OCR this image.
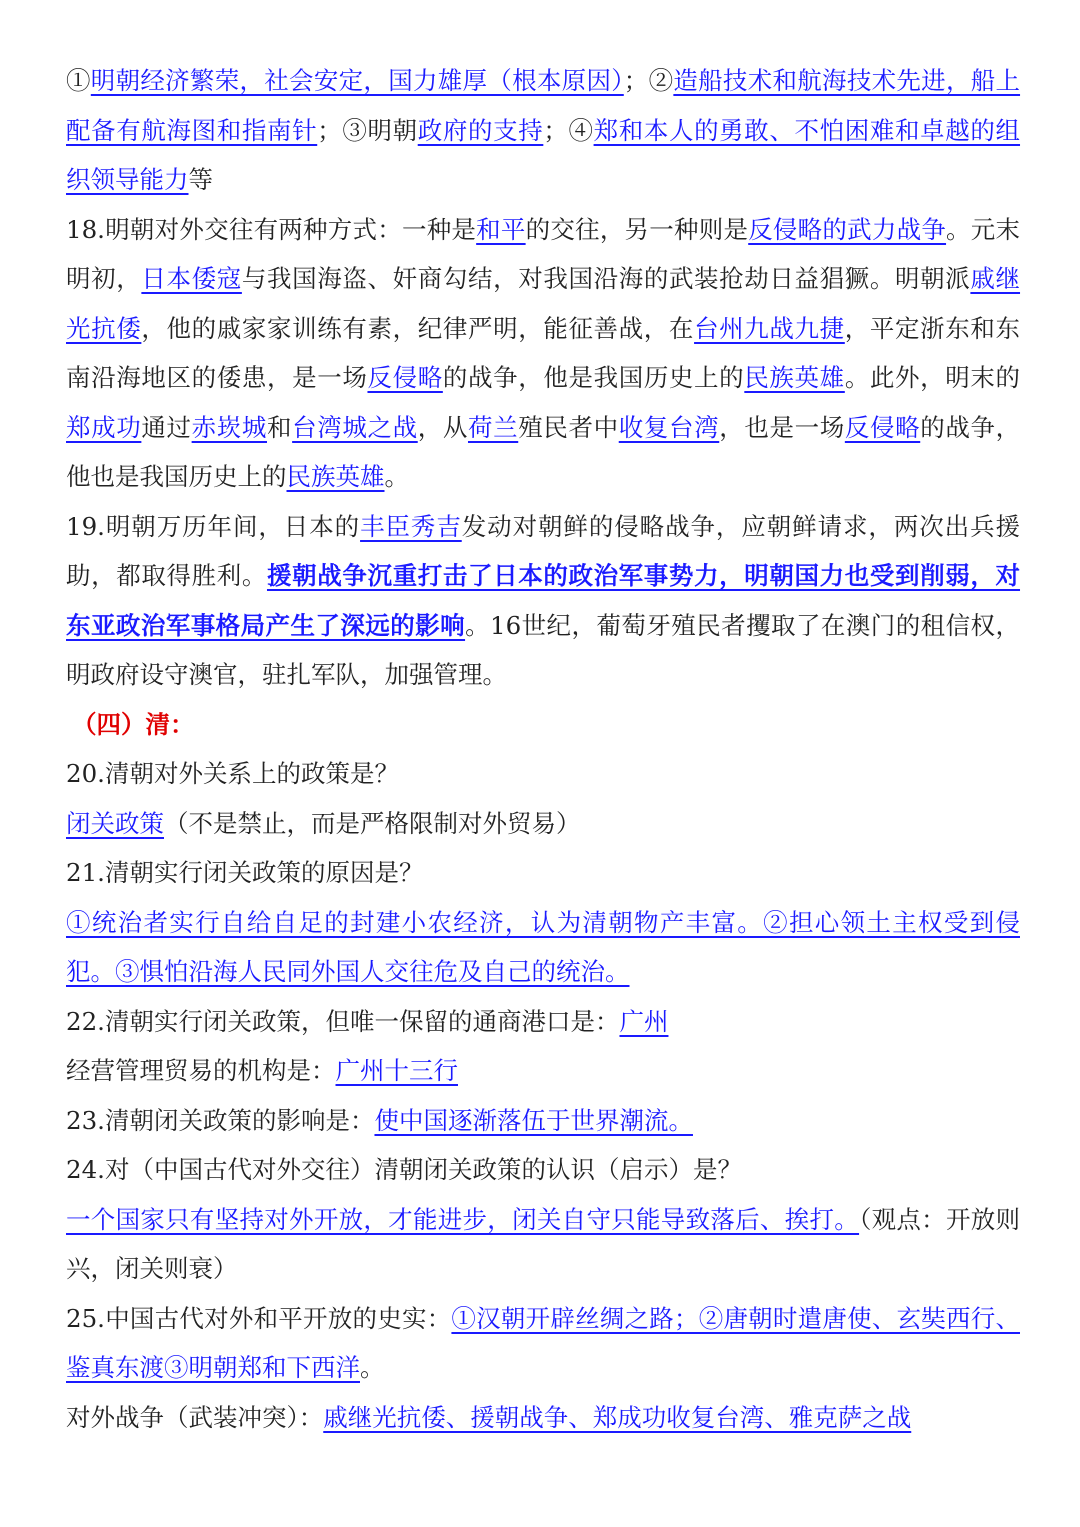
①明朝经济繁荣，社会安定，国力雄厚（根本原因）；②造船技术和航海技术先进，船上配备有航海图和指南针；③明朝政府的支持；④郑和本人的勇敢、不怕困难和卓越的组织领导能力等

18.明朝对外交往有两种方式：一种是和平的交往，另一种则是反侵略的武力战争。元末明初，日本倭寇与我国海盗、奸商勾结，对我国沿海的武装抢劫日益猖獗。明朝派戚继光抗倭，他的戚家家训练有素，纪律严明，能征善战，在台州九战九捷，平定浙东和东南沿海地区的倭患，是一场反侵略的战争，他是我国历史上的民族英雄。此外，明末的郑成功通过赤崁城和台湾城之战，从荷兰殖民者中收复台湾，也是一场反侵略的战争，他也是我国历史上的民族英雄。

19.明朝万历年间，日本的丰臣秀吉发动对朝鲜的侵略战争，应朝鲜请求，两次出兵援助，都取得胜利。援朝战争沉重打击了日本的政治军事势力，明朝国力也受到削弱，对东亚政治军事格局产生了深远的影响。16世纪，葡萄牙殖民者攫取了在澳门的租信权，明政府设守澳官，驻扎军队，加强管理。

（四）清：

20.清朝对外关系上的政策是？

闭关政策（不是禁止，而是严格限制对外贸易）

21.清朝实行闭关政策的原因是？

①统治者实行自给自足的封建小农经济，认为清朝物产丰富。②担心领土主权受到侵犯。③惧怕沿海人民同外国人交往危及自己的统治。

22.清朝实行闭关政策，但唯一保留的通商港口是：广州

经营管理贸易的机构是：广州十三行

23.清朝闭关政策的影响是：使中国逐渐落伍于世界潮流。

24.对（中国古代对外交往）清朝闭关政策的认识（启示）是？

一个国家只有坚持对外开放，才能进步，闭关自守只能导致落后、挨打。（观点：开放则兴，闭关则衰）

25.中国古代对外和平开放的史实：①汉朝开辟丝绸之路；②唐朝时遣唐使、玄奘西行、鉴真东渡③明朝郑和下西洋。

对外战争（武装冲突）：戚继光抗倭、援朝战争、郑成功收复台湾、雅克萨之战
